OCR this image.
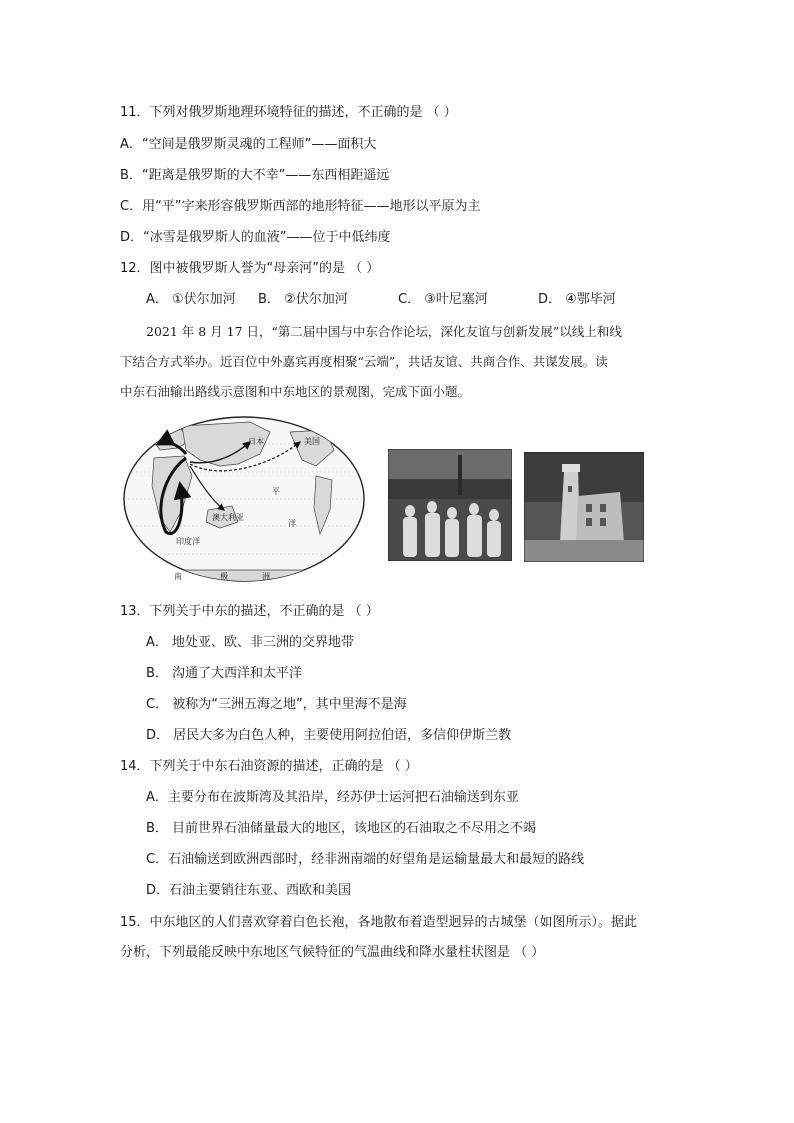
11．下列对俄罗斯地理环境特征的描述，不正确的是 （ ）
A．“空间是俄罗斯灵魂的工程师”——面积大
B．“距离是俄罗斯的大不幸”——东西相距遥远
C．用“平”字来形容俄罗斯西部的地形特征——地形以平原为主
D．“冰雪是俄罗斯人的血液”——位于中低纬度
12．图中被俄罗斯人誉为“母亲河”的是 （ ）
A． ①伏尔加河 B． ②伏尔加河	C． ③叶尼塞河	D． ④鄂毕河
2021 年 8 月 17 日，“第二届中国与中东合作论坛，深化友谊与创新发展”以线上和线
下结合方式举办。近百位中外嘉宾再度相聚“云端”，共话友谊、共商合作、共谋发展。读
中东石油输出路线示意图和中东地区的景观图，完成下面小题。
日本	美国
澳大利亚
印度洋
平
洋
南	极	洲
13．下列关于中东的描述，不正确的是 （ ）
A． 地处亚、欧、非三洲的交界地带
B． 沟通了大西洋和太平洋
C． 被称为“三洲五海之地”，其中里海不是海
D． 居民大多为白色人种，主要使用阿拉伯语，多信仰伊斯兰教
14．下列关于中东石油资源的描述，正确的是 （ ）
A．主要分布在波斯湾及其沿岸，经苏伊士运河把石油输送到东亚
B． 目前世界石油储量最大的地区，该地区的石油取之不尽用之不竭
C．石油输送到欧洲西部时，经非洲南端的好望角是运输量最大和最短的路线
D．石油主要销往东亚、西欧和美国
15．中东地区的人们喜欢穿着白色长袍，各地散布着造型迥异的古城堡（如图所示）。据此
分析，下列最能反映中东地区气候特征的气温曲线和降水量柱状图是 （ ）
